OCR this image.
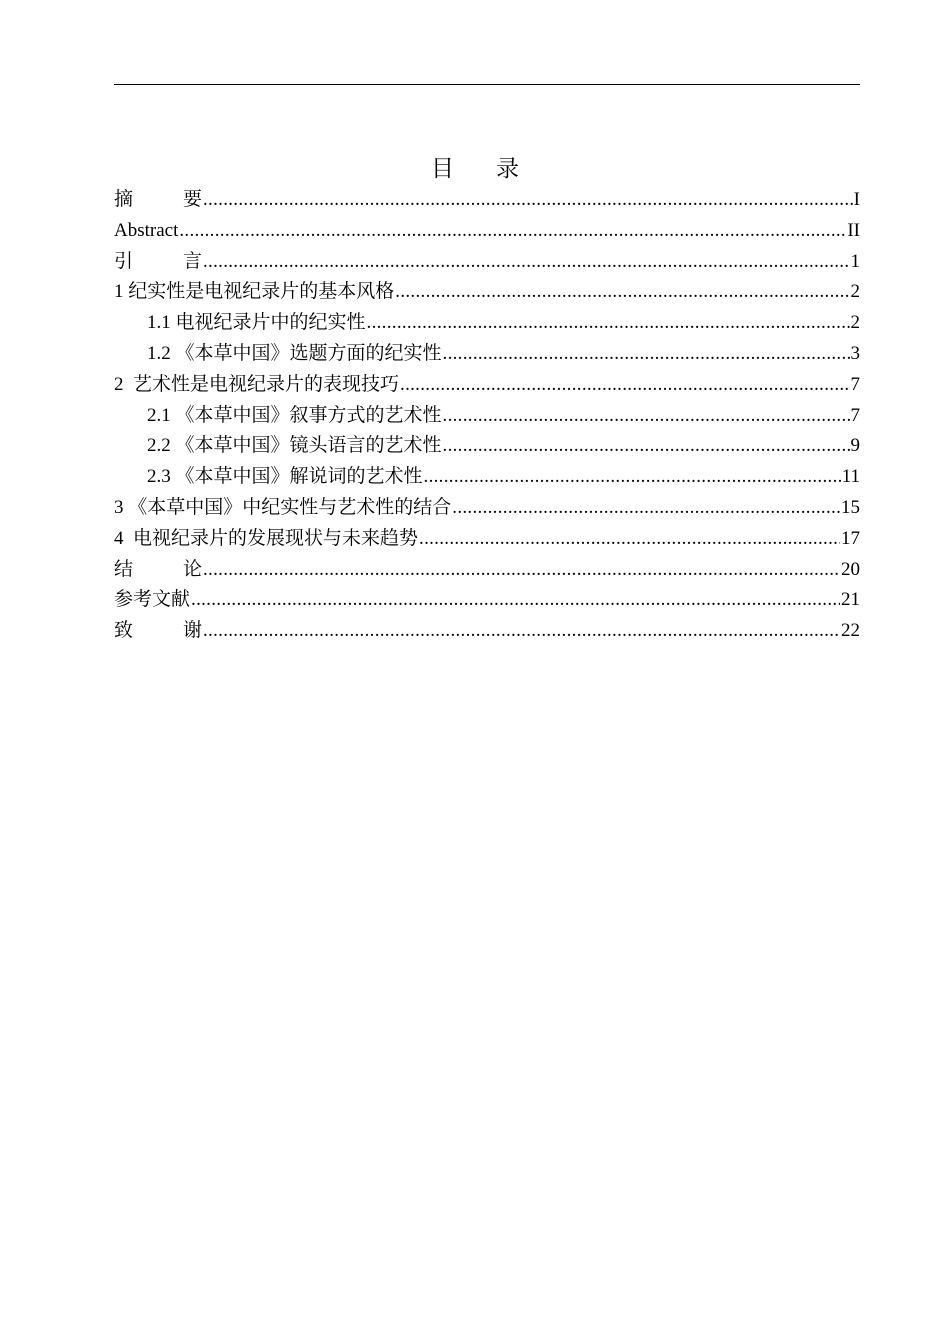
目 录
摘	要 .....	I
Abstract .....	II
引	言 .....	1
1 纪实性是电视纪录片的基本风格 .....	2
1.1 电视纪录片中的纪实性 .....	2
1.2 《本草中国》选题方面的纪实性 .....	3
2  艺术性是电视纪录片的表现技巧 .....	7
2.1 《本草中国》叙事方式的艺术性 .....	7
2.2 《本草中国》镜头语言的艺术性 .....	9
2.3 《本草中国》解说词的艺术性 .....	11
3 《本草中国》中纪实性与艺术性的结合 .....	15
4  电视纪录片的发展现状与未来趋势 .....	17
结	论 .....	20
参考文献 .....	21
致	谢 .....	22
